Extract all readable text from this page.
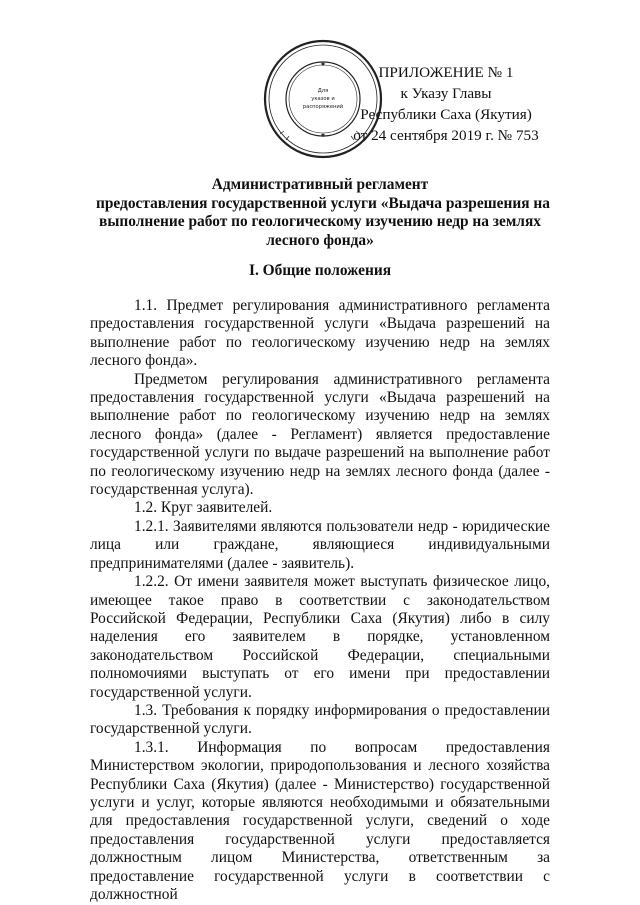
✱
✱
Для
указов и
распоряжений
ПРИЛОЖЕНИЕ № 1
к Указу Главы
Республики Саха (Якутия)
от 24 сентября 2019 г. № 753
Административный регламент
предоставления государственной услуги «Выдача разрешения на
выполнение работ по геологическому изучению недр на землях
лесного фонда»
I. Общие положения

1.1. Предмет регулирования административного регламента предоставления государственной услуги «Выдача разрешений на выполнение работ по геологическому изучению недр на землях лесного фонда».

Предметом регулирования административного регламента предоставления государственной услуги «Выдача разрешений на выполнение работ по геологическому изучению недр на землях лесного фонда» (далее - Регламент) является предоставление государственной услуги по выдаче разрешений на выполнение работ по геологическому изучению недр на землях лесного фонда (далее - государственная услуга).

1.2. Круг заявителей.

1.2.1. Заявителями являются пользователи недр - юридические лица или граждане, являющиеся индивидуальными предпринимателями (далее - заявитель).

1.2.2. От имени заявителя может выступать физическое лицо, имеющее такое право в соответствии с законодательством Российской Федерации, Республики Саха (Якутия) либо в силу наделения его заявителем в порядке, установленном законодательством Российской Федерации, специальными полномочиями выступать от его имени при предоставлении государственной услуги.

1.3. Требования к порядку информирования о предоставлении государственной услуги.

1.3.1. Информация по вопросам предоставления Министерством экологии, природопользования и лесного хозяйства Республики Саха (Якутия) (далее - Министерство) государственной услуги и услуг, которые являются необходимыми и обязательными для предоставления государственной услуги, сведений о ходе предоставления государственной услуги предоставляется должностным лицом Министерства, ответственным за предоставление государственной услуги в соответствии с должностной
